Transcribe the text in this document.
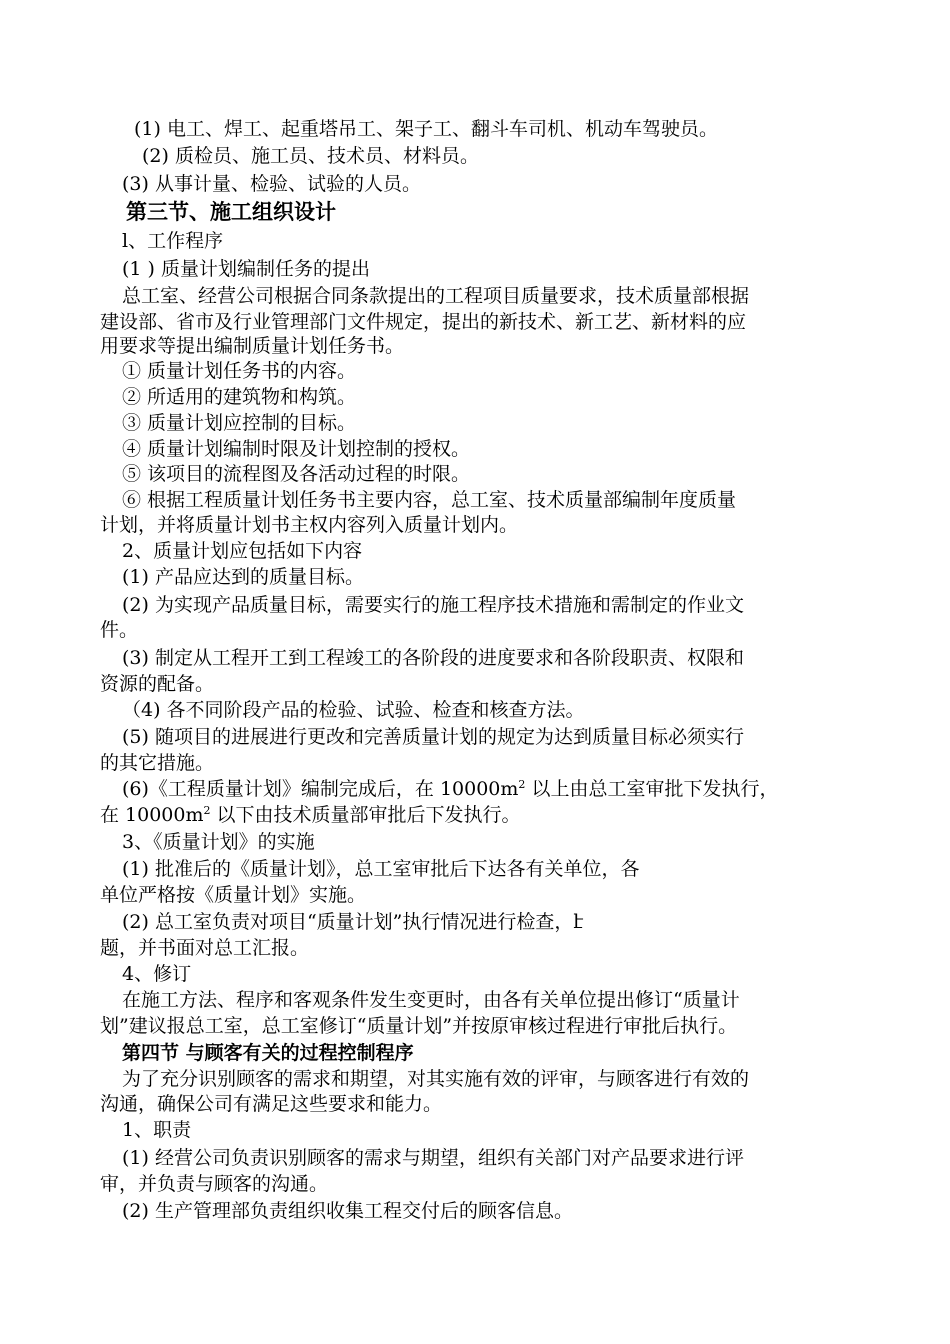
(1) 电工、焊工、起重塔吊工、架子工、翻斗车司机、机动车驾驶员。
(2) 质检员、施工员、技术员、材料员。
(3) 从事计量、检验、试验的人员。
第三节、施工组织设计
l、工作程序
(1 ) 质量计划编制任务的提出
总工室、经营公司根据合同条款提出的工程项目质量要求，技术质量部根据
建设部、省市及行业管理部门文件规定，提出的新技术、新工艺、新材料的应
用要求等提出编制质量计划任务书。
① 质量计划任务书的内容。
② 所适用的建筑物和构筑。
③ 质量计划应控制的目标。
④ 质量计划编制时限及计划控制的授权。
⑤ 该项目的流程图及各活动过程的时限。
⑥ 根据工程质量计划任务书主要内容，总工室、技术质量部编制年度质量
计划，并将质量计划书主权内容列入质量计划内。
2、质量计划应包括如下内容
(1) 产品应达到的质量目标。
(2) 为实现产品质量目标，需要实行的施工程序技术措施和需制定的作业文
件。
(3) 制定从工程开工到工程竣工的各阶段的进度要求和各阶段职责、权限和
资源的配备。
（4) 各不同阶段产品的检验、试验、检查和核查方法。
(5) 随项目的进展进行更改和完善质量计划的规定为达到质量目标必须实行
的其它措施。
(6)《工程质量计划》编制完成后，在 $10000m^2$ 以上由总工室审批下发执行，
在 $10000m^2$ 以下由技术质量部审批后下发执行。
3、《质量计划》的实施
(1) 批准后的《质量计划》，总工室审批后下达各有关单位，各
单位严格按《质量计划》实施。
(2) 总工室负责对项目“质量计划”执行情况进行检查，է
题，并书面对总工汇报。
4、修订
在施工方法、程序和客观条件发生变更时，由各有关单位提出修订“质量计
划”建议报总工室，总工室修订“质量计划”并按原审核过程进行审批后执行。
第四节 与顾客有关的过程控制程序
为了充分识别顾客的需求和期望，对其实施有效的评审，与顾客进行有效的
沟通，确保公司有满足这些要求和能力。
1、职责
(1) 经营公司负责识别顾客的需求与期望，组织有关部门对产品要求进行评
审，并负责与顾客的沟通。
(2) 生产管理部负责组织收集工程交付后的顾客信息。
